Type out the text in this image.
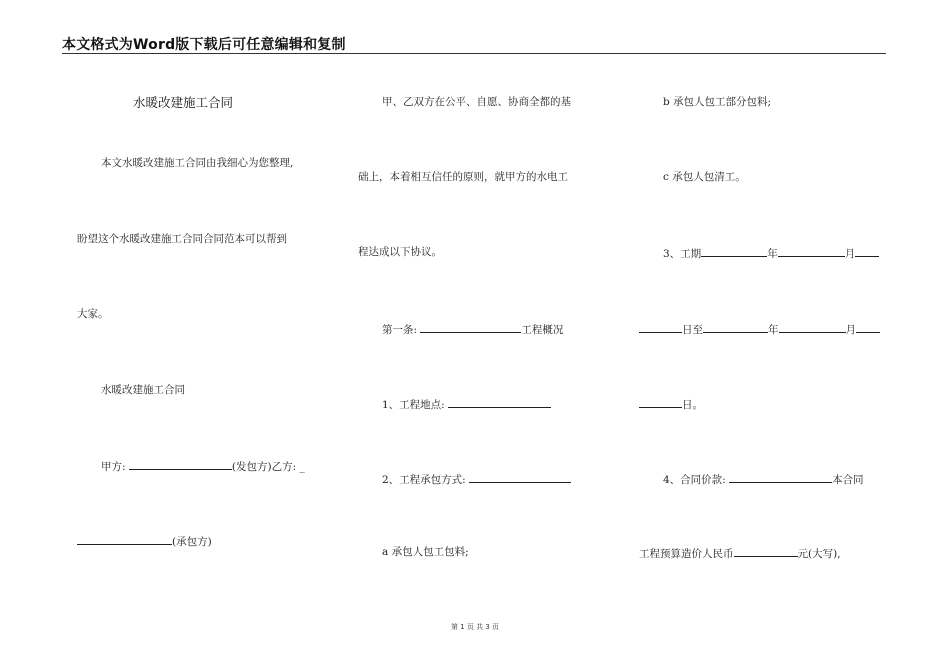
本文格式为Word版下载后可任意编辑和复制
水暖改建施工合同
本文水暖改建施工合同由我细心为您整理,
盼望这个水暖改建施工合同合同范本可以帮到
大家。
水暖改建施工合同
甲方:	(发包方)乙方: _
(承包方)
甲、乙双方在公平、自愿、协商全都的基
础上，本着相互信任的原则，就甲方的水电工
程达成以下协议。
第一条:	工程概况
1、工程地点:
2、工程承包方式:
a 承包人包工包料;
b 承包人包工部分包料;
c 承包人包清工。
3、工期	年	月
日至	年	月
日。
4、合同价款:	本合同
工程预算造价人民币	元(大写),
第 1 页 共 3 页
